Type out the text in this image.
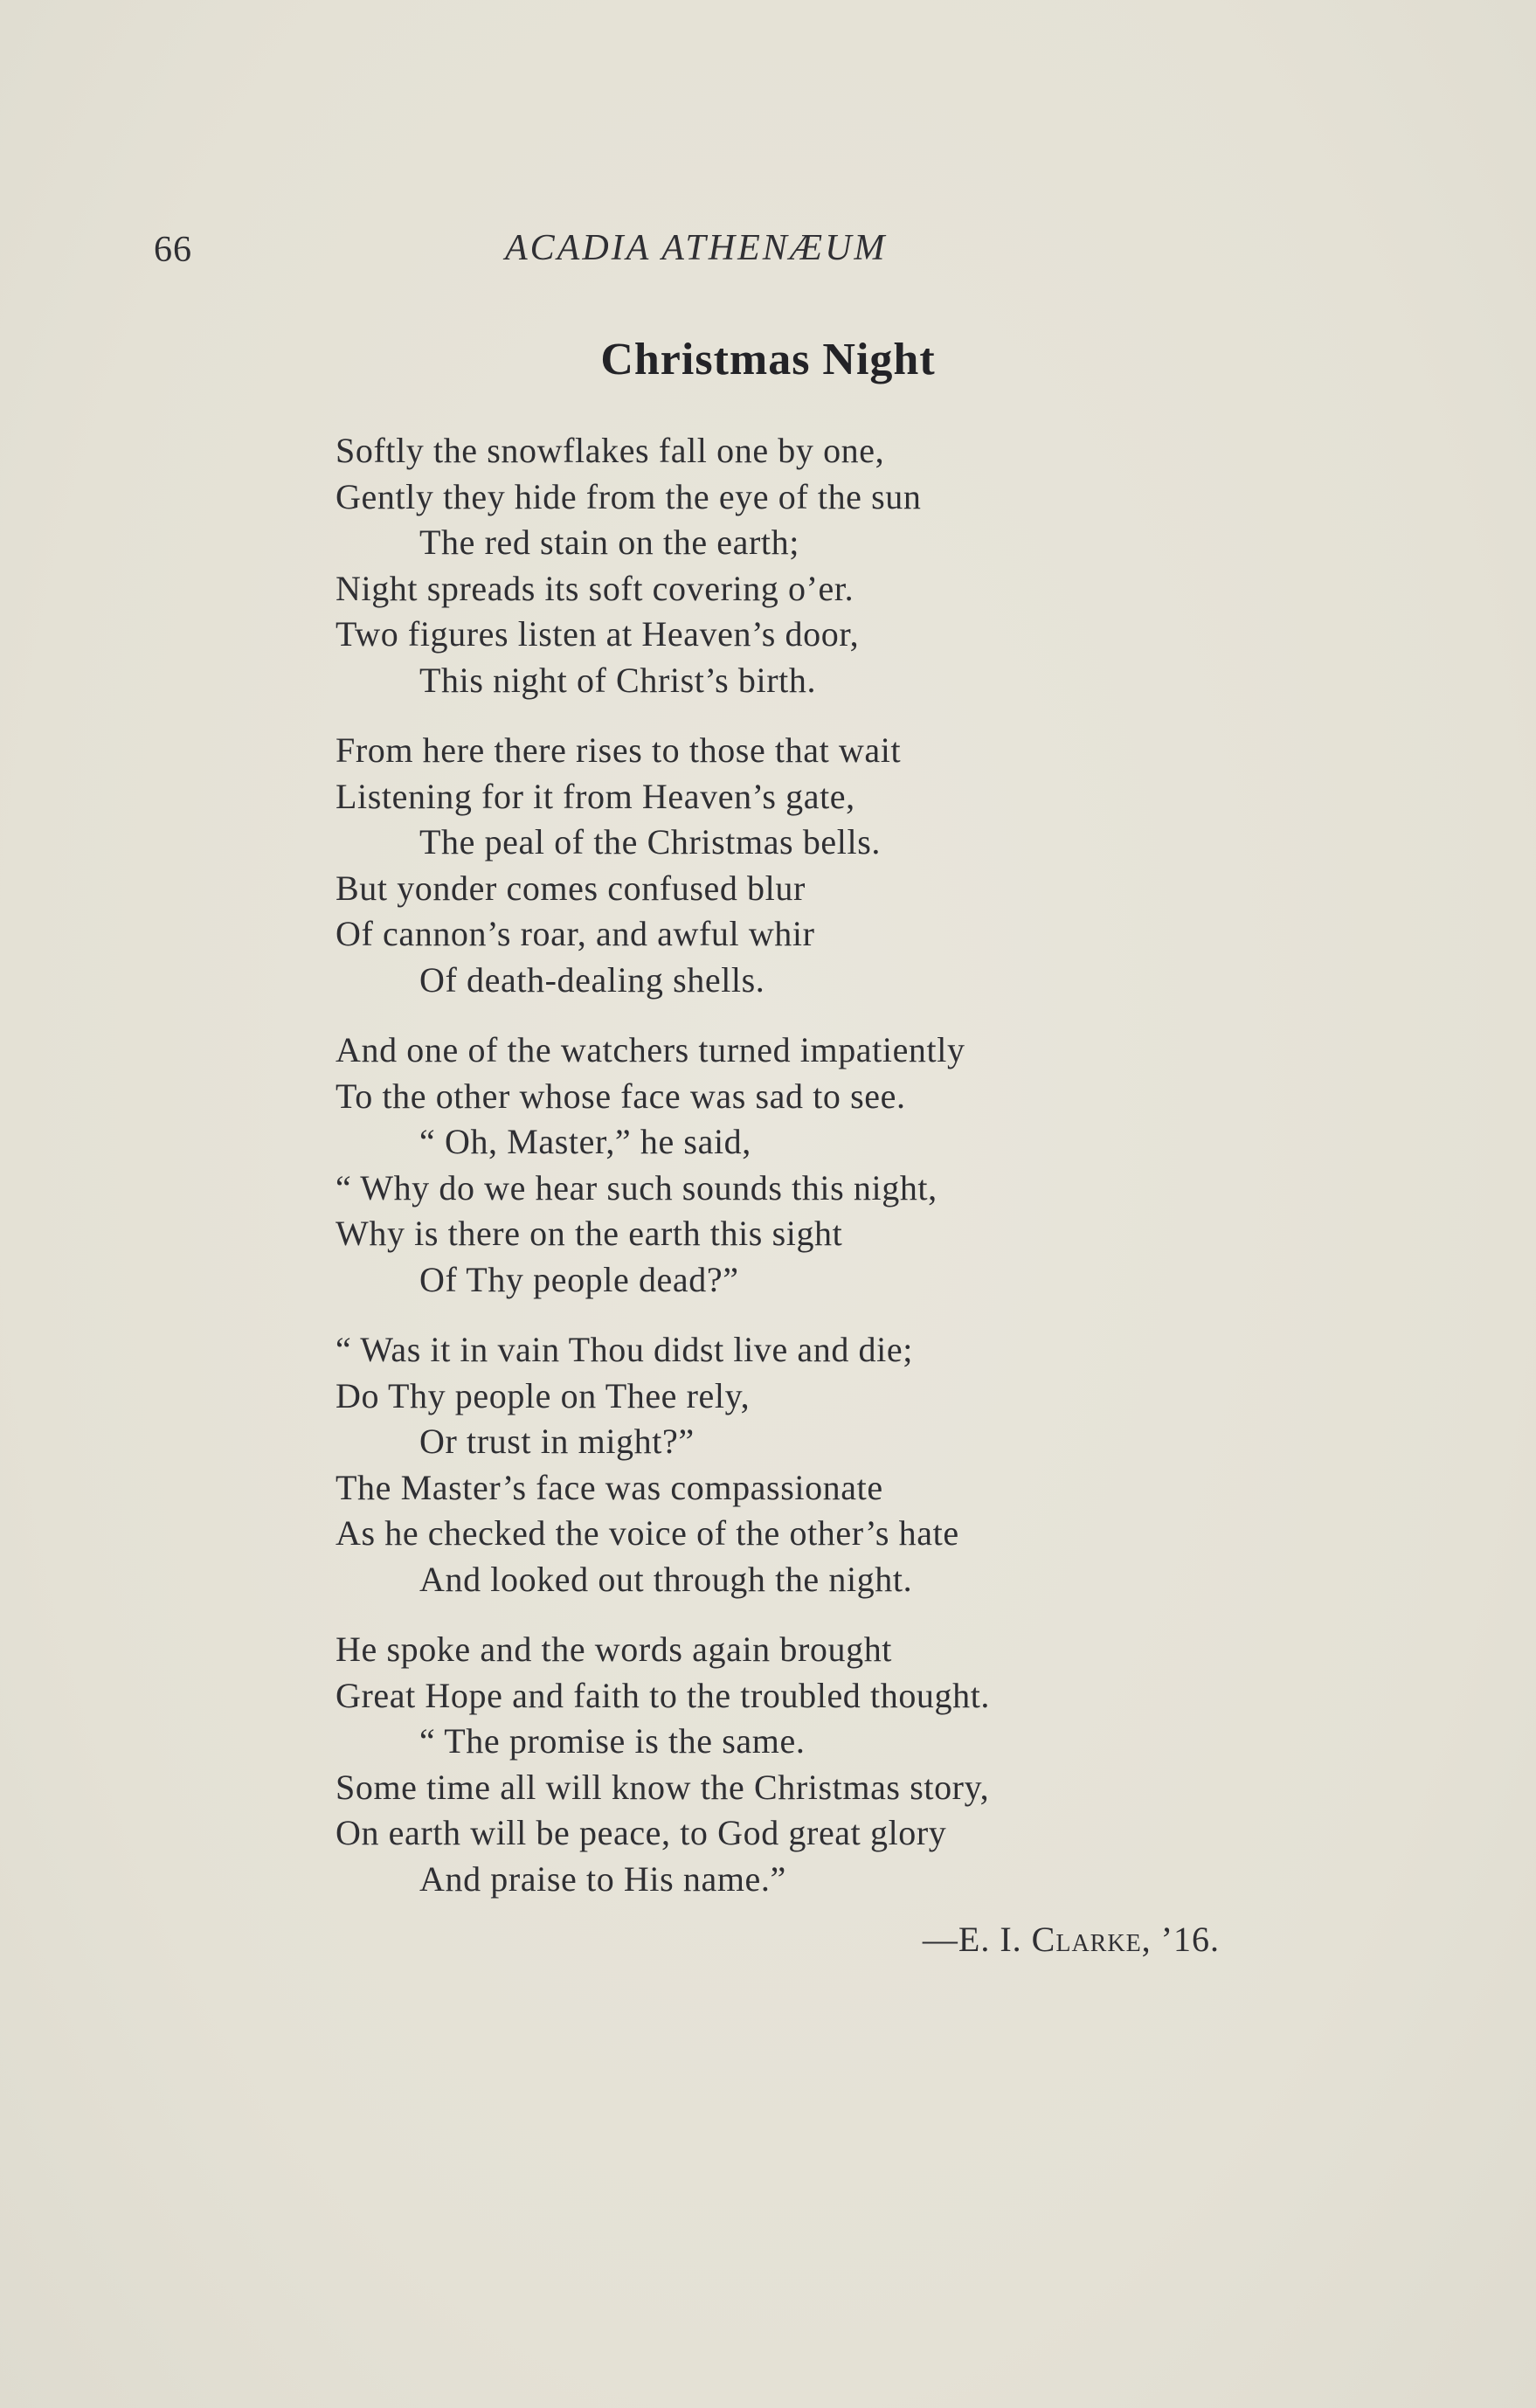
66	ACADIA ATHENÆUM
Christmas Night
Softly the snowflakes fall one by one,
Gently they hide from the eye of the sun
The red stain on the earth;
Night spreads its soft covering o’er.
Two figures listen at Heaven’s door,
This night of Christ’s birth.
From here there rises to those that wait
Listening for it from Heaven’s gate,
The peal of the Christmas bells.
But yonder comes confused blur
Of cannon’s roar, and awful whir
Of death-dealing shells.
And one of the watchers turned impatiently
To the other whose face was sad to see.
“ Oh, Master,” he said,
“ Why do we hear such sounds this night,
Why is there on the earth this sight
Of Thy people dead?”
“ Was it in vain Thou didst live and die;
Do Thy people on Thee rely,
Or trust in might?”
The Master’s face was compassionate
As he checked the voice of the other’s hate
And looked out through the night.
He spoke and the words again brought
Great Hope and faith to the troubled thought.
“ The promise is the same.
Some time all will know the Christmas story,
On earth will be peace, to God great glory
And praise to His name.”
—E. I. Clarke, ’16.
